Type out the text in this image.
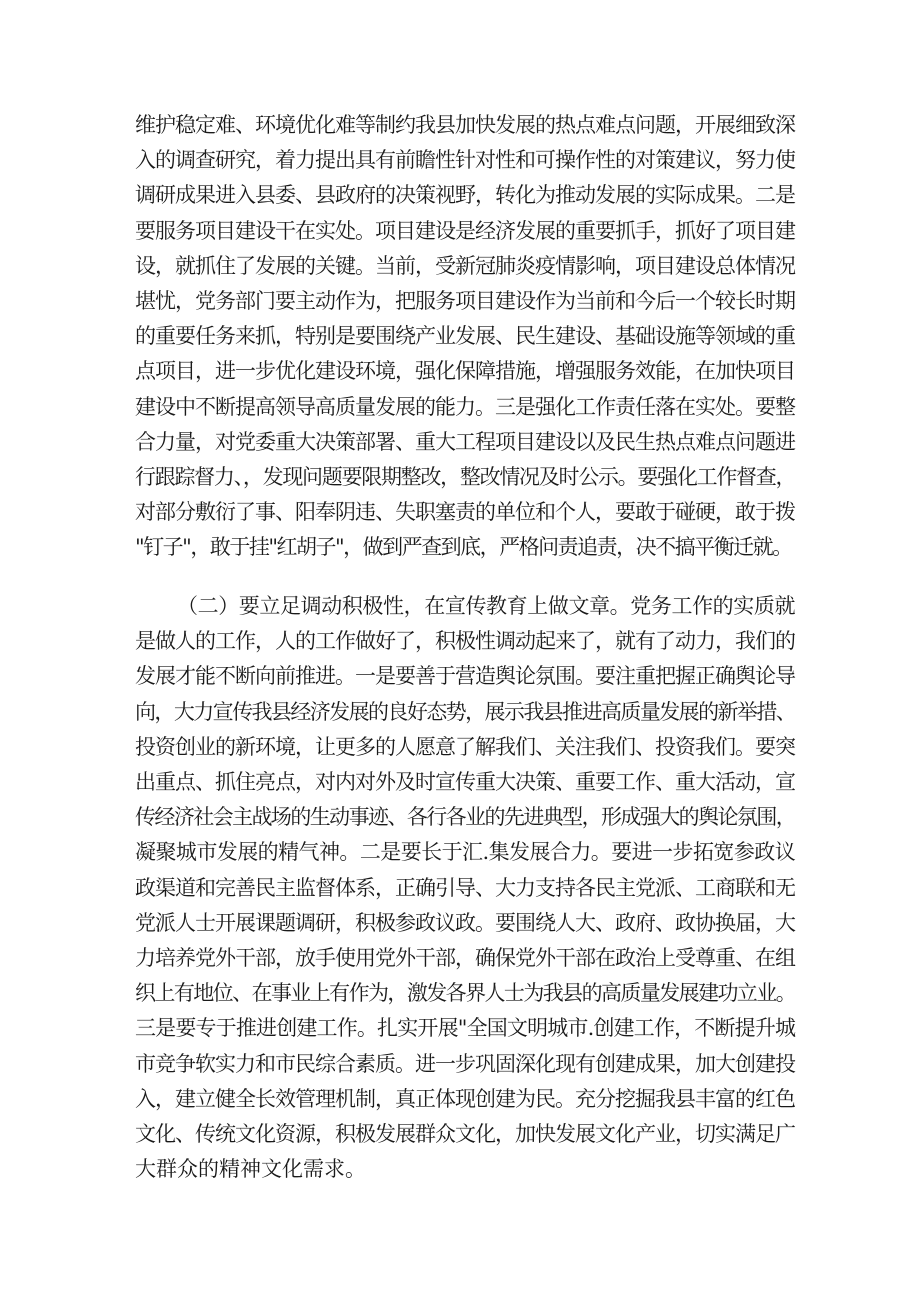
维护稳定难、环境优化难等制约我县加快发展的热点难点问题，开展细致深
入的调查研究，着力提出具有前瞻性针对性和可操作性的对策建议，努力使
调研成果进入县委、县政府的决策视野，转化为推动发展的实际成果。二是
要服务项目建设干在实处。项目建设是经济发展的重要抓手，抓好了项目建
设，就抓住了发展的关键。当前，受新冠肺炎疫情影响，项目建设总体情况
堪忧，党务部门要主动作为，把服务项目建设作为当前和今后一个较长时期
的重要任务来抓，特别是要围绕产业发展、民生建设、基础设施等领域的重
点项目，进一步优化建设环境，强化保障措施，增强服务效能，在加快项目
建设中不断提高领导高质量发展的能力。三是强化工作责任落在实处。要整
合力量，对党委重大决策部署、重大工程项目建设以及民生热点难点问题进
行跟踪督力、，发现问题要限期整改，整改情况及时公示。要强化工作督查，
对部分敷衍了事、阳奉阴违、失职塞责的单位和个人，要敢于碰硬，敢于拨
"钉子"，敢于挂"红胡子"，做到严查到底，严格问责追责，决不搞平衡迁就。
（二）要立足调动积极性，在宣传教育上做文章。党务工作的实质就
是做人的工作，人的工作做好了，积极性调动起来了，就有了动力，我们的
发展才能不断向前推进。一是要善于营造舆论氛围。要注重把握正确舆论导
向，大力宣传我县经济发展的良好态势，展示我县推进高质量发展的新举措、
投资创业的新环境，让更多的人愿意了解我们、关注我们、投资我们。要突
出重点、抓住亮点，对内对外及时宣传重大决策、重要工作、重大活动，宣
传经济社会主战场的生动事迹、各行各业的先进典型，形成强大的舆论氛围，
凝聚城市发展的精气神。二是要长于汇.集发展合力。要进一步拓宽参政议
政渠道和完善民主监督体系，正确引导、大力支持各民主党派、工商联和无
党派人士开展课题调研，积极参政议政。要围绕人大、政府、政协换届，大
力培养党外干部，放手使用党外干部，确保党外干部在政治上受尊重、在组
织上有地位、在事业上有作为，激发各界人士为我县的高质量发展建功立业。
三是要专于推进创建工作。扎实开展"全国文明城市.创建工作，不断提升城
市竞争软实力和市民综合素质。进一步巩固深化现有创建成果，加大创建投
入，建立健全长效管理机制，真正体现创建为民。充分挖掘我县丰富的红色
文化、传统文化资源，积极发展群众文化，加快发展文化产业，切实满足广
大群众的精神文化需求。
